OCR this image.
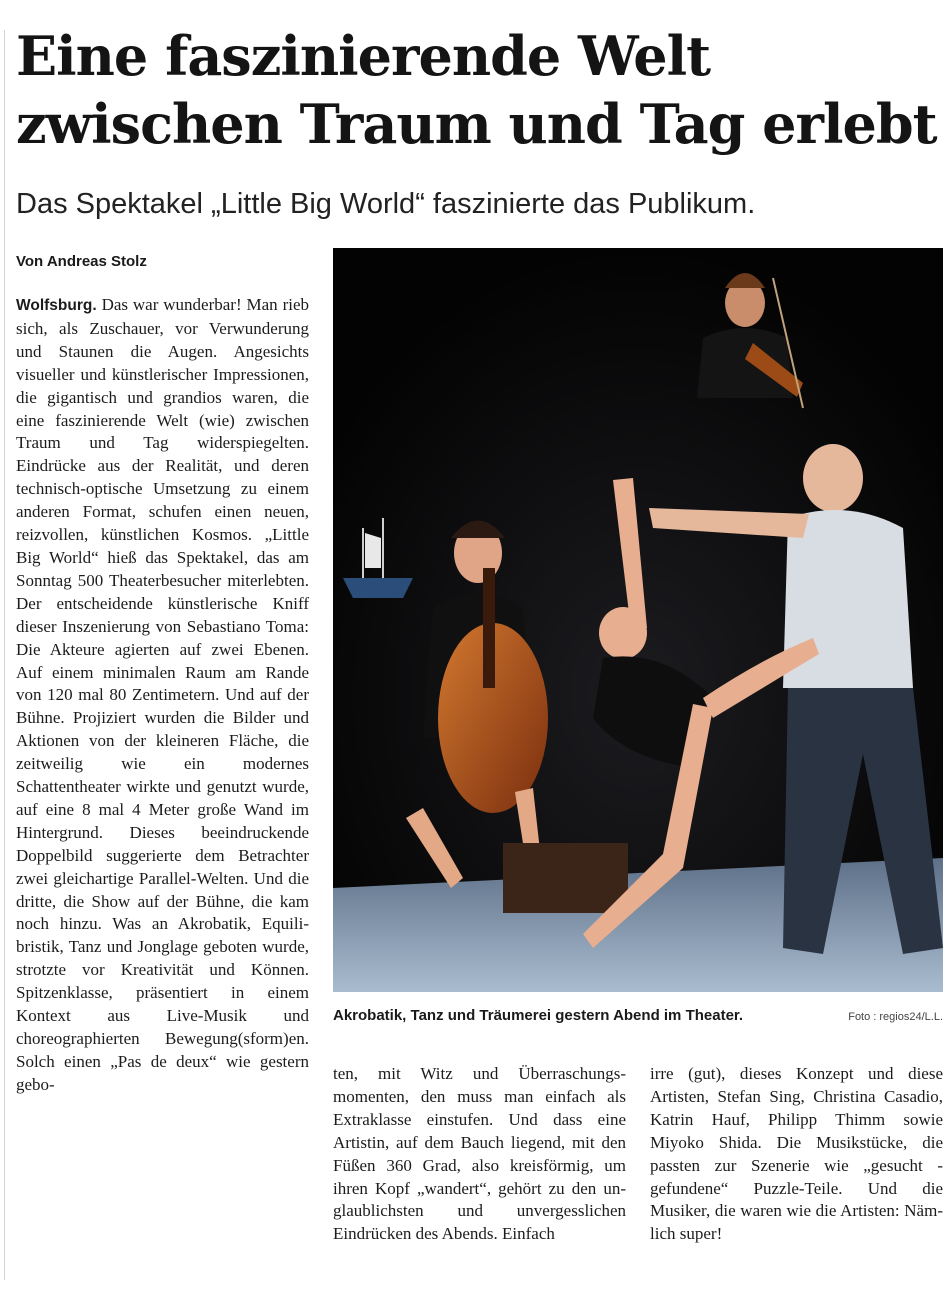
Eine faszinierende Welt zwischen Traum und Tag erlebt
Das Spektakel „Little Big World“ faszinierte das Publikum.
Von Andreas Stolz
Wolfsburg. Das war wunderbar! Man rieb sich, als Zuschauer, vor Verwunderung und Staunen die Augen. Angesichts visueller und künstlerischer Impressionen, die gigantisch und grandios waren, die eine faszinierende Welt (wie) zwischen Traum und Tag widerspiegelten. Eindrücke aus der Realität, und deren technisch-optische Umsetzung zu einem anderen Format, schufen einen neuen, reizvollen, künstlichen Kosmos. „Little Big World“ hieß das Spektakel, das am Sonntag 500 Theaterbesucher miterlebten. Der entscheidende künstlerische Kniff dieser Inszenierung von Sebastiano Toma: Die Akteure agierten auf zwei Ebenen. Auf einem minimalen Raum am Rande von 120 mal 80 Zentimetern. Und auf der Bühne. Projiziert wurden die Bilder und Aktionen von der kleineren Fläche, die zeitweilig wie ein modernes Schattentheater wirkte und genutzt wurde, auf eine 8 mal 4 Meter große Wand im Hintergrund. Dieses beeindruckende Doppelbild suggerierte dem Betrachter zwei gleichartige Parallel-Welten. Und die dritte, die Show auf der Bühne, die kam noch hinzu. Was an Akrobatik, Equilibristik, Tanz und Jonglage geboten wurde, strotzte vor Kreativität und Können. Spitzenklasse, präsentiert in einem Kontext aus Live-Musik und choreographierten Bewegung(sform)en. Solch einen „Pas de deux“ wie gestern gebo-
Akrobatik, Tanz und Träumerei gestern Abend im Theater.	Foto : regios24/L.L.
ten, mit Witz und Überraschungsmomenten, den muss man einfach als Extraklasse einstufen. Und dass eine Artistin, auf dem Bauch liegend, mit den Füßen 360 Grad, also kreisförmig, um ihren Kopf „wandert“, gehört zu den unglaublichsten und unvergesslichen Eindrücken des Abends. Einfach
irre (gut), dieses Konzept und diese Artisten, Stefan Sing, Christina Casadio, Katrin Hauf, Philipp Thimm sowie Miyoko Shida. Die Musikstücke, die passten zur Szenerie wie „gesucht - gefundene“ Puzzle-Teile. Und die Musiker, die waren wie die Artisten: Nämlich super!
